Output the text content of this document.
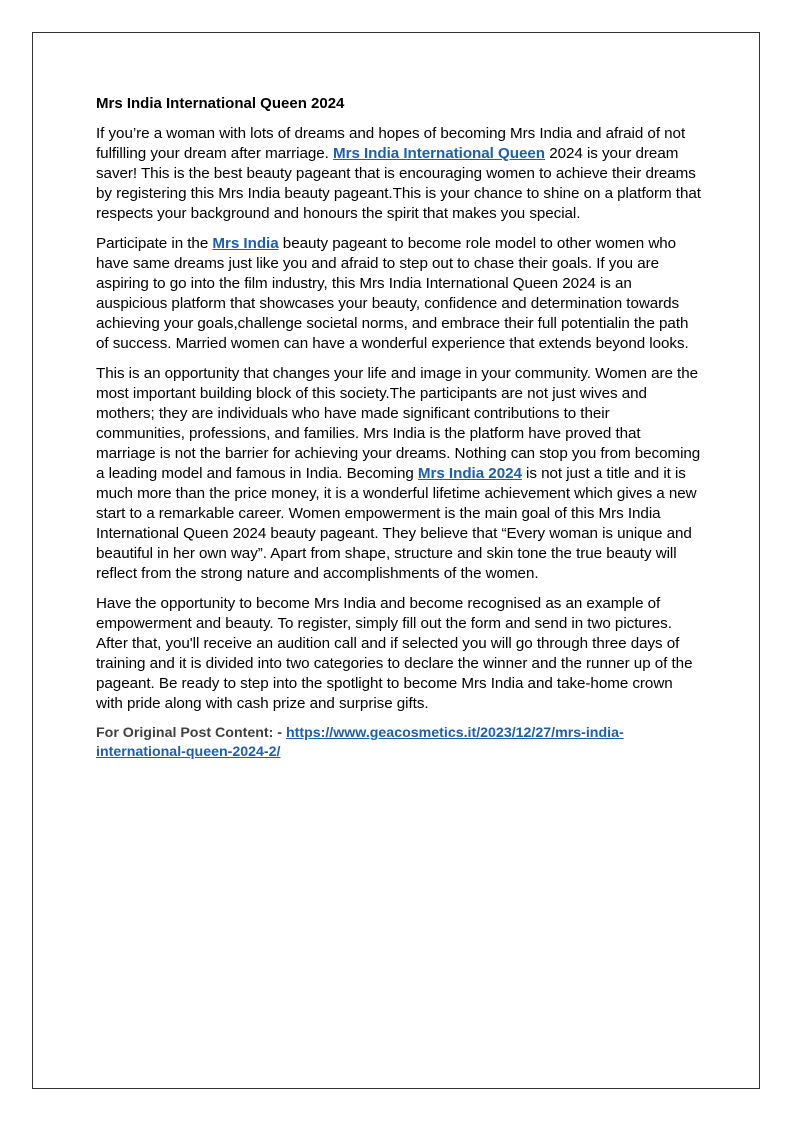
Mrs India International Queen 2024

If you’re a woman with lots of dreams and hopes of becoming Mrs India and afraid of not fulfilling your dream after marriage. Mrs India International Queen 2024 is your dream saver! This is the best beauty pageant that is encouraging women to achieve their dreams by registering this Mrs India beauty pageant.This is your chance to shine on a platform that respects your background and honours the spirit that makes you special.

Participate in the Mrs India beauty pageant to become role model to other women who have same dreams just like you and afraid to step out to chase their goals. If you are aspiring to go into the film industry, this Mrs India International Queen 2024 is an auspicious platform that showcases your beauty, confidence and determination towards achieving your goals,challenge societal norms, and embrace their full potentialin the path of success. Married women can have a wonderful experience that extends beyond looks.

This is an opportunity that changes your life and image in your community. Women are the most important building block of this society.The participants are not just wives and mothers; they are individuals who have made significant contributions to their communities, professions, and families. Mrs India is the platform have proved that marriage is not the barrier for achieving your dreams. Nothing can stop you from becoming a leading model and famous in India. Becoming Mrs India 2024 is not just a title and it is much more than the price money, it is a wonderful lifetime achievement which gives a new start to a remarkable career. Women empowerment is the main goal of this Mrs India International Queen 2024 beauty pageant. They believe that “Every woman is unique and beautiful in her own way”. Apart from shape, structure and skin tone the true beauty will reflect from the strong nature and accomplishments of the women.

Have the opportunity to become Mrs India and become recognised as an example of empowerment and beauty. To register, simply fill out the form and send in two pictures. After that, you'll receive an audition call and if selected you will go through three days of training and it is divided into two categories to declare the winner and the runner up of the pageant. Be ready to step into the spotlight to become Mrs India and take-home crown with pride along with cash prize and surprise gifts.

For Original Post Content: - https://www.geacosmetics.it/2023/12/27/mrs-india-international-queen-2024-2/
